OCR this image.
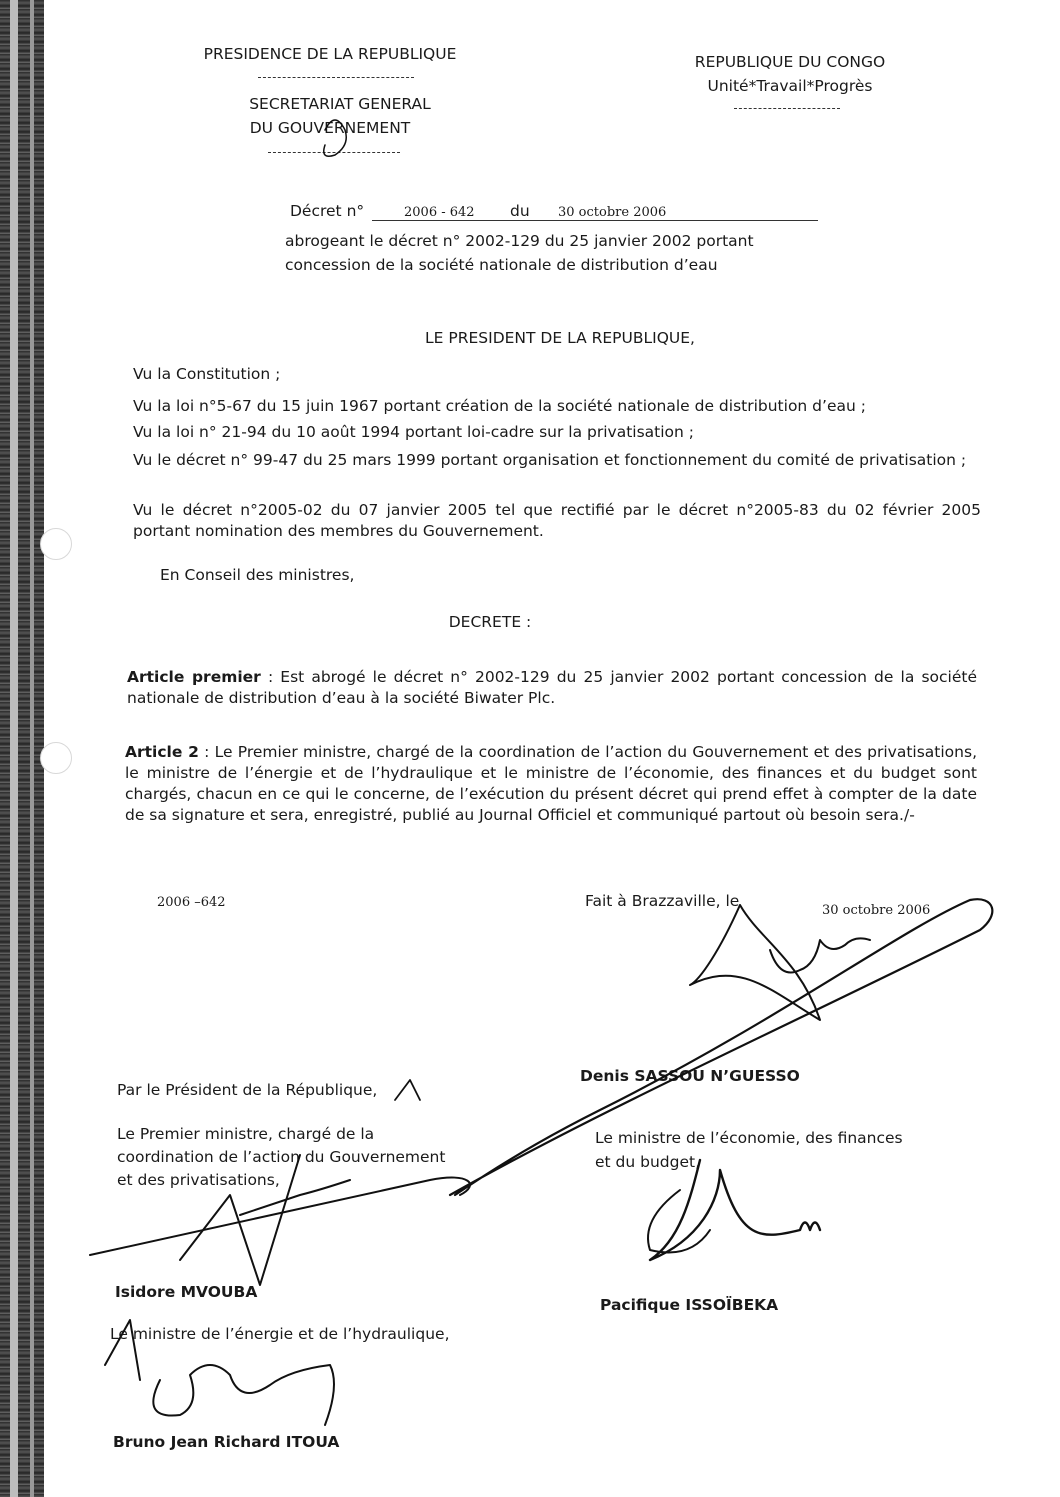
PRESIDENCE DE LA REPUBLIQUE
SECRETARIAT GENERAL
DU GOUVERNEMENT
REPUBLIQUE DU CONGO
Unité*Travail*Progrès
Décret n°	2006 - 642 du 30 octobre 2006
abrogeant le décret n° 2002-129 du 25 janvier 2002 portant
concession de la société nationale de distribution d’eau
LE PRESIDENT DE LA REPUBLIQUE,
Vu la Constitution ;
Vu la loi n°5-67 du 15 juin 1967 portant création de la société nationale de distribution d’eau ;
Vu la loi n° 21-94 du 10 août 1994 portant loi-cadre sur la privatisation ;
Vu le décret n° 99-47 du 25 mars 1999 portant organisation et fonctionnement du comité de privatisation ;
Vu le décret n°2005-02 du 07 janvier 2005 tel que rectifié par le décret n°2005-83 du 02 février 2005 portant nomination des membres du Gouvernement.
En Conseil des ministres,
DECRETE :
Article premier : Est abrogé le décret n° 2002-129 du 25 janvier 2002 portant concession de la société nationale de distribution d’eau à la société Biwater Plc.
Article 2 : Le Premier ministre, chargé de la coordination de l’action du Gouvernement et des privatisations, le ministre de l’énergie et de l’hydraulique et le ministre de l’économie, des finances et du budget sont chargés, chacun en ce qui le concerne, de l’exécution du présent décret qui prend effet à compter de la date de sa signature et sera, enregistré, publié au Journal Officiel et communiqué partout où besoin sera./-
2006 –642	Fait à Brazzaville, le
30 octobre 2006
Denis SASSOU N’GUESSO
Par le Président de la République,
Le Premier ministre, chargé de la
coordination de l’action du Gouvernement
et des privatisations,
Isidore MVOUBA
Le ministre de l’économie, des finances
et du budget,
Pacifique ISSOÏBEKA
Le ministre de l’énergie et de l’hydraulique,
Bruno Jean Richard ITOUA
